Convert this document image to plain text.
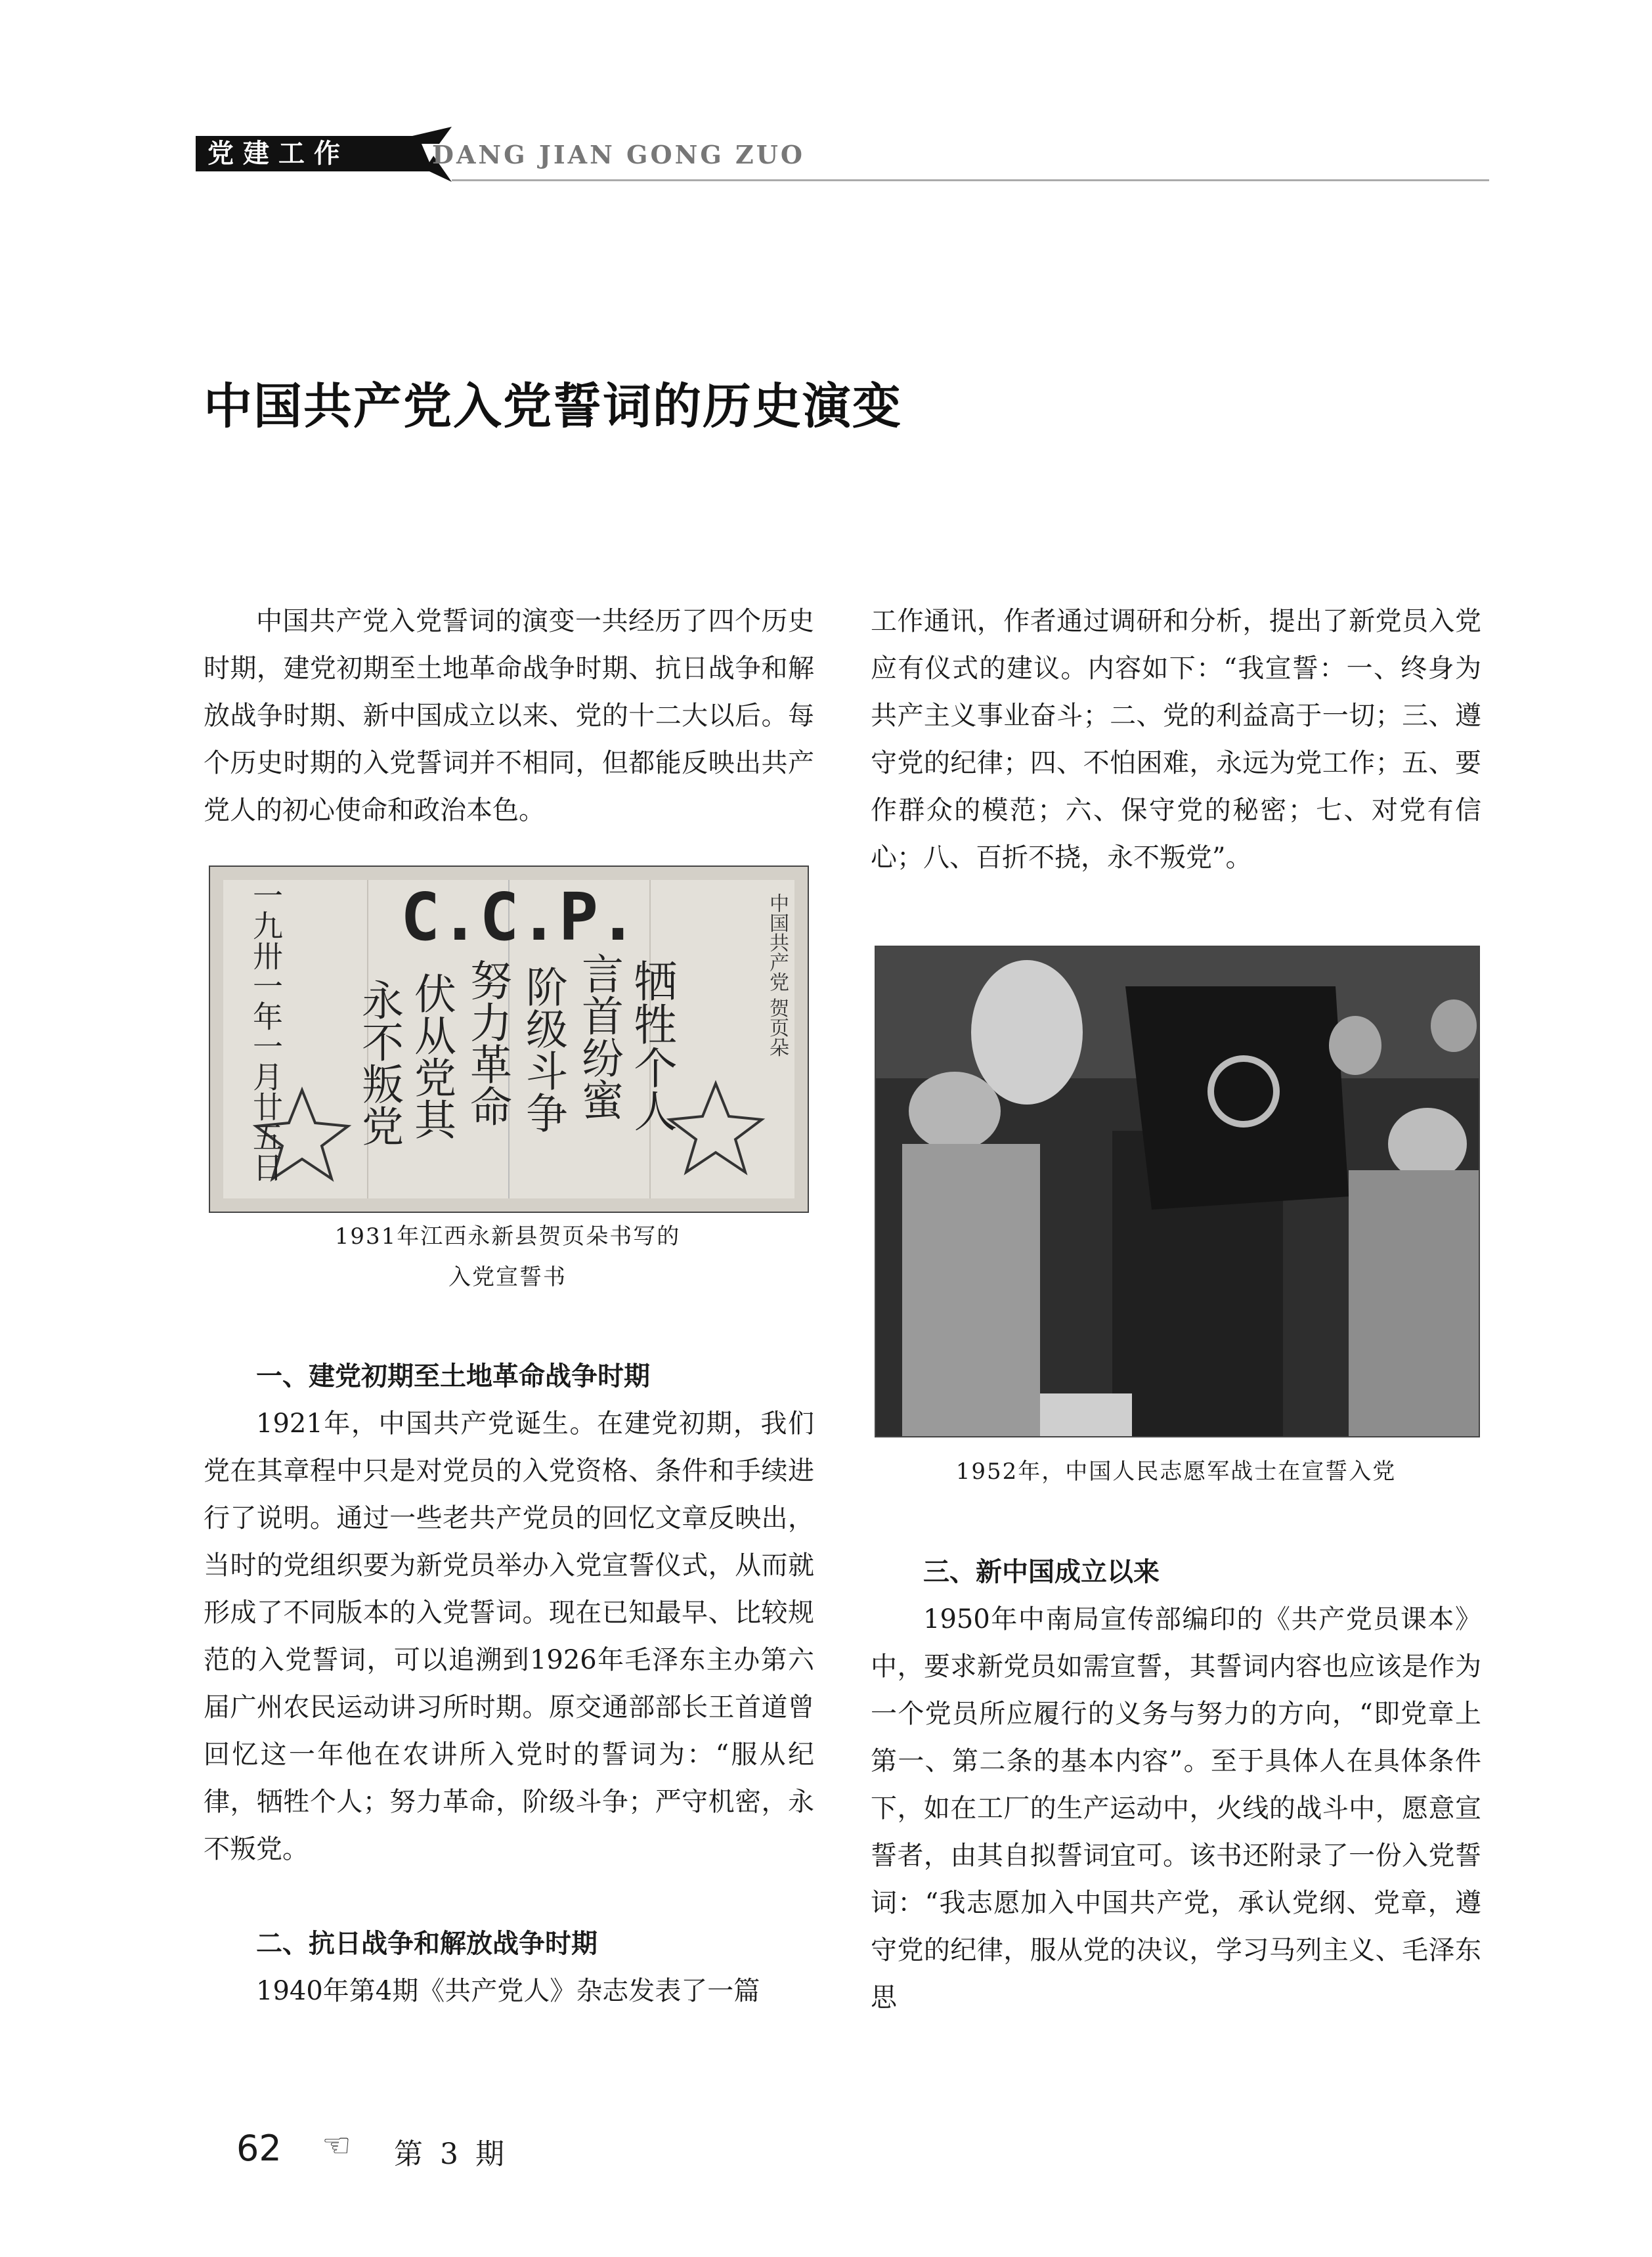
党建工作	DANG JIAN GONG ZUO
中国共产党入党誓词的历史演变

中国共产党入党誓词的演变一共经历了四个历史时期，建党初期至土地革命战争时期、抗日战争和解放战争时期、新中国成立以来、党的十二大以后。每个历史时期的入党誓词并不相同，但都能反映出共产党人的初心使命和政治本色。

C.C.P.
牺牲个人
言首纷蜜
阶级斗争
努力革命
伏从党其
永不叛党
一九卅一年一月廿五日	中国共产党 贺页朵
1931年江西永新县贺页朵书写的
入党宣誓书
一、建党初期至土地革命战争时期

1921年，中国共产党诞生。在建党初期，我们党在其章程中只是对党员的入党资格、条件和手续进行了说明。通过一些老共产党员的回忆文章反映出，当时的党组织要为新党员举办入党宣誓仪式，从而就形成了不同版本的入党誓词。现在已知最早、比较规范的入党誓词，可以追溯到1926年毛泽东主办第六届广州农民运动讲习所时期。原交通部部长王首道曾回忆这一年他在农讲所入党时的誓词为：“服从纪律，牺牲个人；努力革命，阶级斗争；严守机密，永不叛党。

二、抗日战争和解放战争时期

1940年第4期《共产党人》杂志发表了一篇

工作通讯，作者通过调研和分析，提出了新党员入党应有仪式的建议。内容如下：“我宣誓：一、终身为共产主义事业奋斗；二、党的利益高于一切；三、遵守党的纪律；四、不怕困难，永远为党工作；五、要作群众的模范；六、保守党的秘密；七、对党有信心；八、百折不挠，永不叛党”。

1952年，中国人民志愿军战士在宣誓入党
三、新中国成立以来

1950年中南局宣传部编印的《共产党员课本》中，要求新党员如需宣誓，其誓词内容也应该是作为一个党员所应履行的义务与努力的方向，“即党章上第一、第二条的基本内容”。至于具体人在具体条件下，如在工厂的生产运动中，火线的战斗中，愿意宣誓者，由其自拟誓词宜可。该书还附录了一份入党誓词：“我志愿加入中国共产党，承认党纲、党章，遵守党的纪律，服从党的决议，学习马列主义、毛泽东思

62 ☜ 第 3 期
